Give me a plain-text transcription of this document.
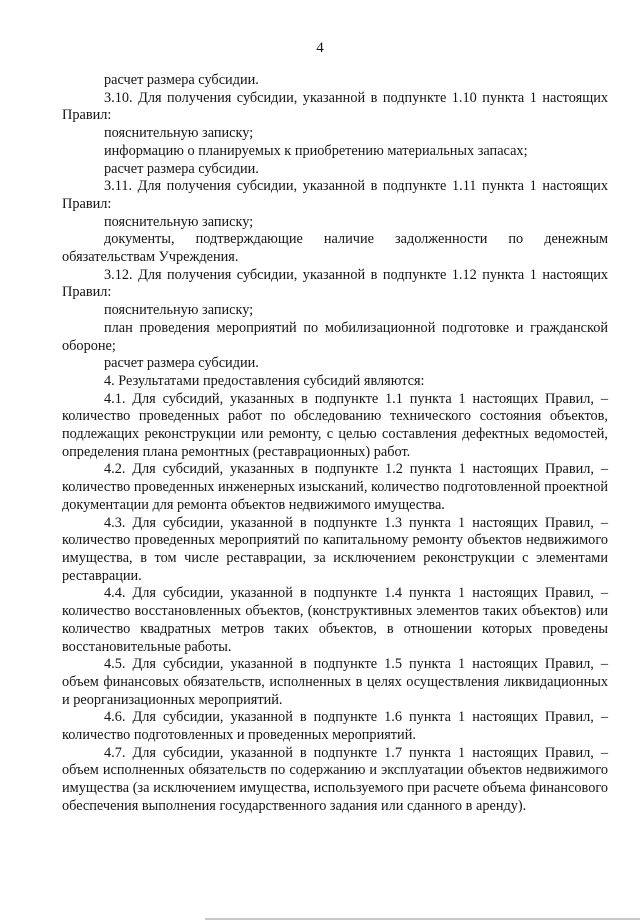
4

расчет размера субсидии.

3.10. Для получения субсидии, указанной в подпункте 1.10 пункта 1 настоящих Правил:

пояснительную записку;

информацию о планируемых к приобретению материальных запасах;

расчет размера субсидии.

3.11. Для получения субсидии, указанной в подпункте 1.11 пункта 1 настоящих Правил:

пояснительную записку;

документы, подтверждающие наличие задолженности по денежным обязательствам Учреждения.

3.12. Для получения субсидии, указанной в подпункте 1.12 пункта 1 настоящих Правил:

пояснительную записку;

план проведения мероприятий по мобилизационной подготовке и гражданской обороне;

расчет размера субсидии.

4. Результатами предоставления субсидий являются:

4.1. Для субсидий, указанных в подпункте 1.1 пункта 1 настоящих Правил, – количество проведенных работ по обследованию технического состояния объектов, подлежащих реконструкции или ремонту, с целью составления дефектных ведомостей, определения плана ремонтных (реставрационных) работ.

4.2. Для субсидий, указанных в подпункте 1.2 пункта 1 настоящих Правил, – количество проведенных инженерных изысканий, количество подготовленной проектной документации для ремонта объектов недвижимого имущества.

4.3. Для субсидии, указанной в подпункте 1.3 пункта 1 настоящих Правил, – количество проведенных мероприятий по капитальному ремонту объектов недвижимого имущества, в том числе реставрации, за исключением реконструкции с элементами реставрации.

4.4. Для субсидии, указанной в подпункте 1.4 пункта 1 настоящих Правил, – количество восстановленных объектов, (конструктивных элементов таких объектов) или количество квадратных метров таких объектов, в отношении которых проведены восстановительные работы.

4.5. Для субсидии, указанной в подпункте 1.5 пункта 1 настоящих Правил, – объем финансовых обязательств, исполненных в целях осуществления ликвидационных и реорганизационных мероприятий.

4.6. Для субсидии, указанной в подпункте 1.6 пункта 1 настоящих Правил, – количество подготовленных и проведенных мероприятий.

4.7. Для субсидии, указанной в подпункте 1.7 пункта 1 настоящих Правил, – объем исполненных обязательств по содержанию и эксплуатации объектов недвижимого имущества (за исключением имущества, используемого при расчете объема финансового обеспечения выполнения государственного задания или сданного в аренду).
